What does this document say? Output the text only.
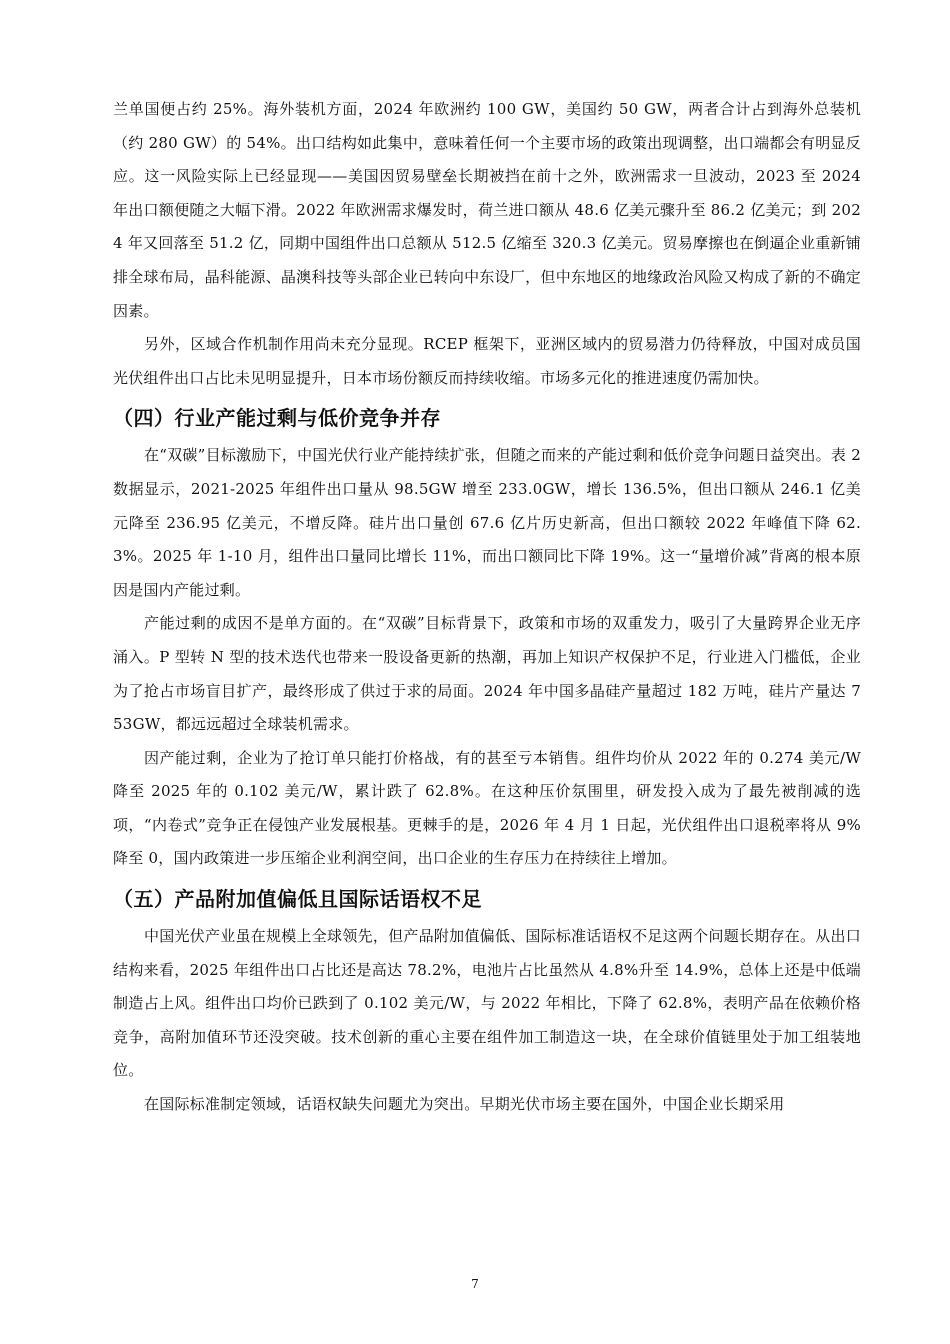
兰单国便占约 25%。海外装机方面，2024 年欧洲约 100 GW，美国约 50 GW，两者合计占到海外总装机（约 280 GW）的 54%。出口结构如此集中，意味着任何一个主要市场的政策出现调整，出口端都会有明显反应。这一风险实际上已经显现——美国因贸易壁垒长期被挡在前十之外，欧洲需求一旦波动，2023 至 2024 年出口额便随之大幅下滑。2022 年欧洲需求爆发时，荷兰进口额从 48.6 亿美元骤升至 86.2 亿美元；到 2024 年又回落至 51.2 亿，同期中国组件出口总额从 512.5 亿缩至 320.3 亿美元。贸易摩擦也在倒逼企业重新铺排全球布局，晶科能源、晶澳科技等头部企业已转向中东设厂，但中东地区的地缘政治风险又构成了新的不确定因素。

另外，区域合作机制作用尚未充分显现。RCEP 框架下，亚洲区域内的贸易潜力仍待释放，中国对成员国光伏组件出口占比未见明显提升，日本市场份额反而持续收缩。市场多元化的推进速度仍需加快。

（四）行业产能过剩与低价竞争并存

在“双碳”目标激励下，中国光伏行业产能持续扩张，但随之而来的产能过剩和低价竞争问题日益突出。表 2 数据显示，2021-2025 年组件出口量从 98.5GW 增至 233.0GW，增长 136.5%，但出口额从 246.1 亿美元降至 236.95 亿美元，不增反降。硅片出口量创 67.6 亿片历史新高，但出口额较 2022 年峰值下降 62.3%。2025 年 1-10 月，组件出口量同比增长 11%，而出口额同比下降 19%。这一“量增价减”背离的根本原因是国内产能过剩。

产能过剩的成因不是单方面的。在“双碳”目标背景下，政策和市场的双重发力，吸引了大量跨界企业无序涌入。P 型转 N 型的技术迭代也带来一股设备更新的热潮，再加上知识产权保护不足，行业进入门槛低，企业为了抢占市场盲目扩产，最终形成了供过于求的局面。2024 年中国多晶硅产量超过 182 万吨，硅片产量达 753GW，都远远超过全球装机需求。

因产能过剩，企业为了抢订单只能打价格战，有的甚至亏本销售。组件均价从 2022 年的 0.274 美元/W 降至 2025 年的 0.102 美元/W，累计跌了 62.8%。在这种压价氛围里，研发投入成为了最先被削减的选项，“内卷式”竞争正在侵蚀产业发展根基。更棘手的是，2026 年 4 月 1 日起，光伏组件出口退税率将从 9%降至 0，国内政策进一步压缩企业利润空间，出口企业的生存压力在持续往上增加。

（五）产品附加值偏低且国际话语权不足

中国光伏产业虽在规模上全球领先，但产品附加值偏低、国际标准话语权不足这两个问题长期存在。从出口结构来看，2025 年组件出口占比还是高达 78.2%，电池片占比虽然从 4.8%升至 14.9%，总体上还是中低端制造占上风。组件出口均价已跌到了 0.102 美元/W，与 2022 年相比，下降了 62.8%，表明产品在依赖价格竞争，高附加值环节还没突破。技术创新的重心主要在组件加工制造这一块，在全球价值链里处于加工组装地位。

在国际标准制定领域，话语权缺失问题尤为突出。早期光伏市场主要在国外，中国企业长期采用

7
